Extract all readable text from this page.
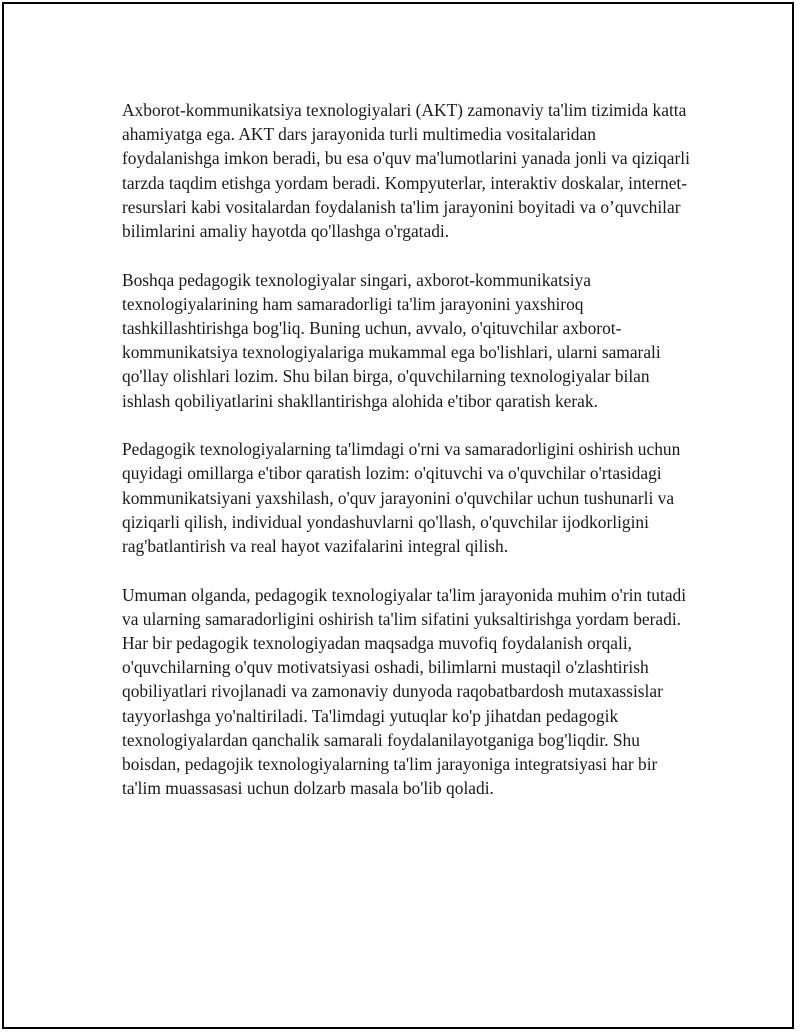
Axborot-kommunikatsiya texnologiyalari (AKT) zamonaviy ta'lim tizimida katta ahamiyatga ega. AKT dars jarayonida turli multimedia vositalaridan foydalanishga imkon beradi, bu esa o'quv ma'lumotlarini yanada jonli va qiziqarli tarzda taqdim etishga yordam beradi. Kompyuterlar, interaktiv doskalar, internet-resurslari kabi vositalardan foydalanish ta'lim jarayonini boyitadi va o’quvchilar bilimlarini amaliy hayotda qo'llashga o'rgatadi.

Boshqa pedagogik texnologiyalar singari, axborot-kommunikatsiya texnologiyalarining ham samaradorligi ta'lim jarayonini yaxshiroq tashkillashtirishga bog'liq. Buning uchun, avvalo, o'qituvchilar axborot-kommunikatsiya texnologiyalariga mukammal ega bo'lishlari, ularni samarali qo'llay olishlari lozim. Shu bilan birga, o'quvchilarning texnologiyalar bilan ishlash qobiliyatlarini shakllantirishga alohida e'tibor qaratish kerak.

Pedagogik texnologiyalarning ta'limdagi o'rni va samaradorligini oshirish uchun quyidagi omillarga e'tibor qaratish lozim: o'qituvchi va o'quvchilar o'rtasidagi kommunikatsiyani yaxshilash, o'quv jarayonini o'quvchilar uchun tushunarli va qiziqarli qilish, individual yondashuvlarni qo'llash, o'quvchilar ijodkorligini rag'batlantirish va real hayot vazifalarini integral qilish.

Umuman olganda, pedagogik texnologiyalar ta'lim jarayonida muhim o'rin tutadi va ularning samaradorligini oshirish ta'lim sifatini yuksaltirishga yordam beradi. Har bir pedagogik texnologiyadan maqsadga muvofiq foydalanish orqali, o'quvchilarning o'quv motivatsiyasi oshadi, bilimlarni mustaqil o'zlashtirish qobiliyatlari rivojlanadi va zamonaviy dunyoda raqobatbardosh mutaxassislar tayyorlashga yo'naltiriladi. Ta'limdagi yutuqlar ko'p jihatdan pedagogik texnologiyalardan qanchalik samarali foydalanilayotganiga bog'liqdir. Shu boisdan, pedagojik texnologiyalarning ta'lim jarayoniga integratsiyasi har bir ta'lim muassasasi uchun dolzarb masala bo'lib qoladi.
